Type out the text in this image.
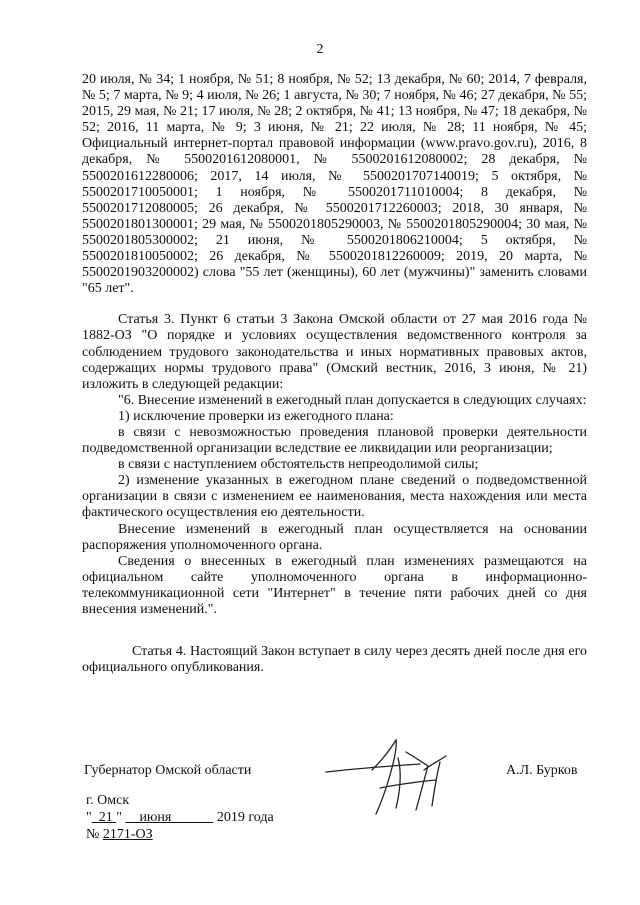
2

20 июля, № 34; 1 ноября, № 51; 8 ноября, № 52; 13 декабря, № 60; 2014, 7 февраля, № 5; 7 марта, № 9; 4 июля, № 26; 1 августа, № 30; 7 ноября, № 46; 27 декабря, № 55; 2015, 29 мая, № 21; 17 июля, № 28; 2 октября, № 41; 13 ноября, № 47; 18 декабря, № 52; 2016, 11 марта, № 9; 3 июня, № 21; 22 июля, № 28; 11 ноября, № 45; Официальный интернет-портал правовой информации (www.pravo.gov.ru), 2016, 8 декабря, № 5500201612080001, № 5500201612080002; 28 декабря, № 5500201612280006; 2017, 14 июля, № 5500201707140019; 5 октября, № 5500201710050001; 1 ноября, № 5500201711010004; 8 декабря, № 5500201712080005; 26 декабря, № 5500201712260003; 2018, 30 января, № 5500201801300001; 29 мая, № 5500201805290003, № 5500201805290004; 30 мая, № 5500201805300002; 21 июня, № 5500201806210004; 5 октября, № 5500201810050002; 26 декабря, № 5500201812260009; 2019, 20 марта, № 5500201903200002) слова "55 лет (женщины), 60 лет (мужчины)" заменить словами "65 лет".

Статья 3. Пункт 6 статьи 3 Закона Омской области от 27 мая 2016 года № 1882-ОЗ "О порядке и условиях осуществления ведомственного контроля за соблюдением трудового законодательства и иных нормативных правовых актов, содержащих нормы трудового права" (Омский вестник, 2016, 3 июня, № 21) изложить в следующей редакции:

"6. Внесение изменений в ежегодный план допускается в следующих случаях:

1) исключение проверки из ежегодного плана:

в связи с невозможностью проведения плановой проверки деятельности подведомственной организации вследствие ее ликвидации или реорганизации;

в связи с наступлением обстоятельств непреодолимой силы;

2) изменение указанных в ежегодном плане сведений о подведомственной организации в связи с изменением ее наименования, места нахождения или места фактического осуществления ею деятельности.

Внесение изменений в ежегодный план осуществляется на основании распоряжения уполномоченного органа.

Сведения о внесенных в ежегодный план изменениях размещаются на официальном сайте уполномоченного органа в информационно-телекоммуникационной сети "Интернет" в течение пяти рабочих дней со дня внесения изменений.".

Статья 4. Настоящий Закон вступает в силу через десять дней после дня его официального опубликования.

Губернатор Омской области	А.Л. Бурков
г. Омск
" 21 " июня	2019 года
№ 2171-ОЗ
